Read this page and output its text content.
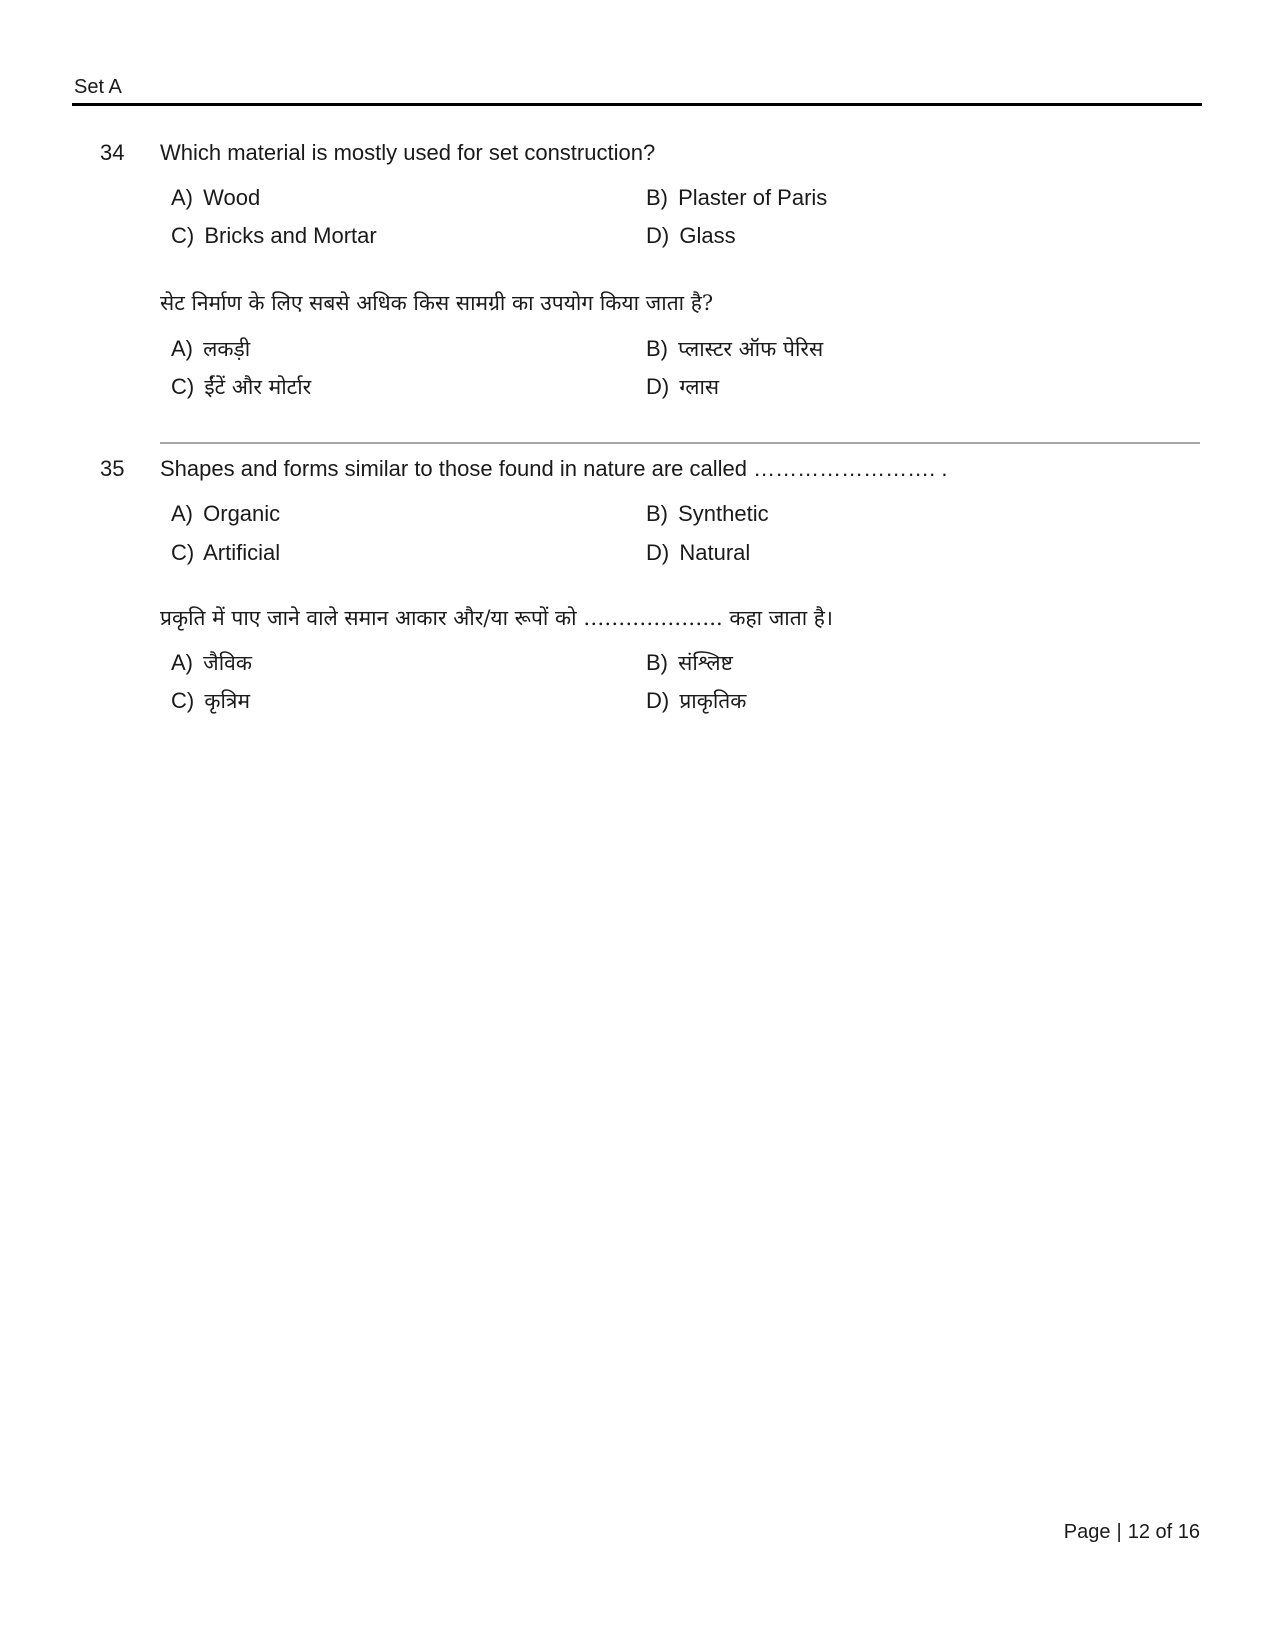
Set A
34 Which material is mostly used for set construction?
A) Wood	B) Plaster of Paris
C) Bricks and Mortar	D) Glass
सेट निर्माण के लिए सबसे अधिक किस सामग्री का उपयोग किया जाता है?
A) लकड़ी	B) प्लास्टर ऑफ पेरिस
C) ईंटें और मोर्टार	D) ग्लास
35 Shapes and forms similar to those found in nature are called ……………………. .
A) Organic	B) Synthetic
C) Artificial	D) Natural
प्रकृति में पाए जाने वाले समान आकार और/या रूपों को ……………….. कहा जाता है।
A) जैविक	B) संश्लिष्ट
C) कृत्रिम	D) प्राकृतिक
Page | 12 of 16
